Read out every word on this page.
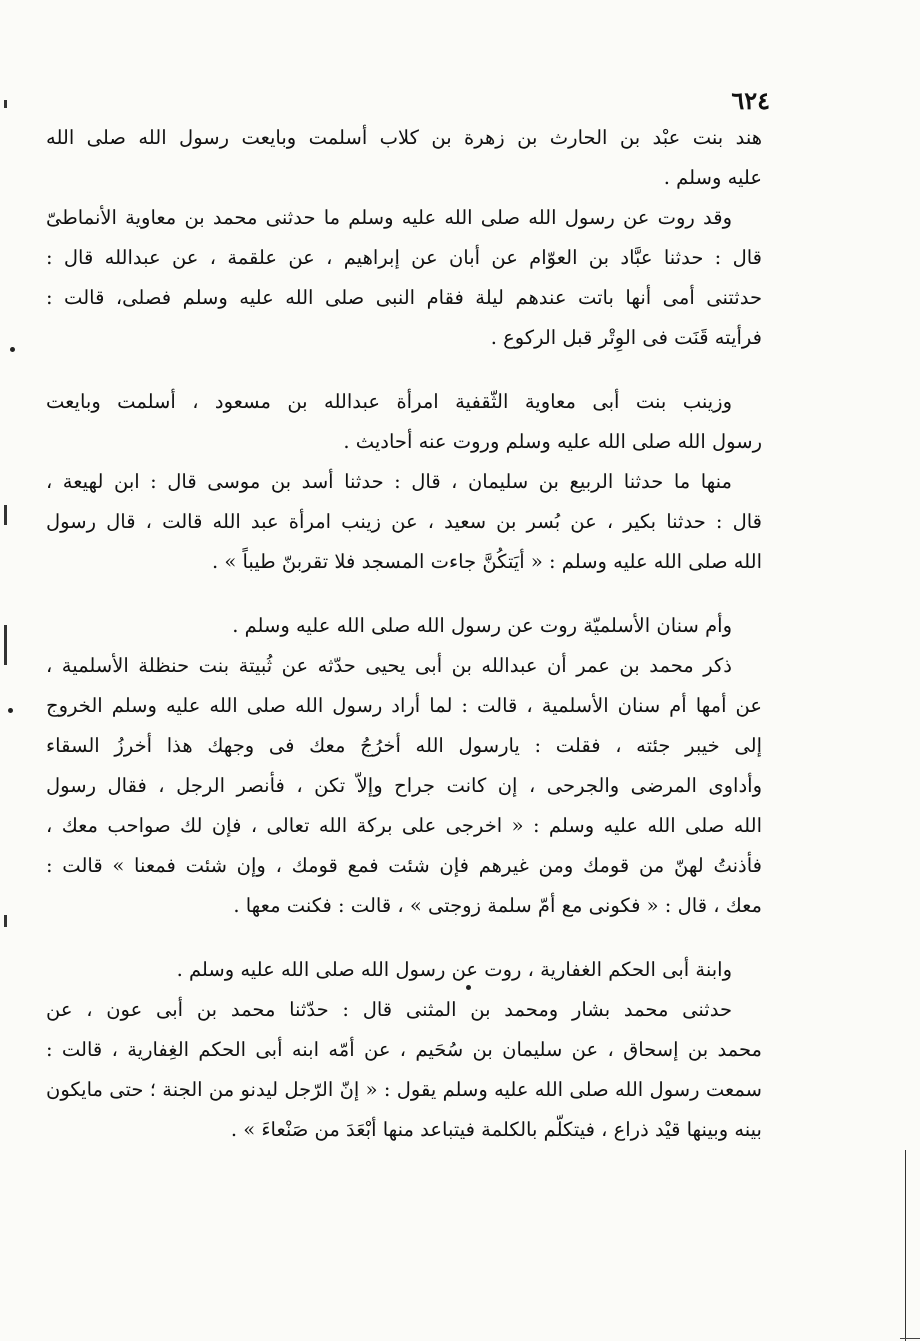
٦٢٤
هند بنت عبْد بن الحارث بن زهرة بن كلاب أسلمت وبايعت رسول الله صلى الله
عليه وسلم .
وقد روت عن رسول الله صلى الله عليه وسلم ما حدثنى محمد بن معاوية الأنماطىّ
قال : حدثنا عبَّاد بن العوّام عن أبان عن إبراهيم ، عن علقمة ، عن عبدالله قال :
حدثتنى أمى أنها باتت عندهم ليلة فقام النبى صلى الله عليه وسلم فصلى، قالت :
فرأيته قَنَت فى الوِتْر قبل الركوع .
وزينب بنت أبى معاوية الثّقفية امرأة عبدالله بن مسعود ، أسلمت وبايعت
رسول الله صلى الله عليه وسلم وروت عنه أحاديث .
منها ما حدثنا الربيع بن سليمان ، قال : حدثنا أسد بن موسى قال : ابن لهيعة ،
قال : حدثنا بكير ، عن بُسر بن سعيد ، عن زينب امرأة عبد الله قالت ، قال رسول
الله صلى الله عليه وسلم : « أيَتكُنَّ جاءت المسجد فلا تقربنّ طيباً » .
وأم سنان الأسلميّة روت عن رسول الله صلى الله عليه وسلم .
ذكر محمد بن عمر أن عبدالله بن أبى يحيى حدّثه عن ثُبيتة بنت حنظلة الأسلمية ،
عن أمها أم سنان الأسلمية ، قالت : لما أراد رسول الله صلى الله عليه وسلم الخروج
إلى خيبر جئته ، فقلت : يارسول الله أخرُجُ معك فى وجهك هذا أخرزُ السقاء
وأداوى المرضى والجرحى ، إن كانت جراح وإلاّ تكن ، فأنصر الرجل ، فقال رسول
الله صلى الله عليه وسلم : « اخرجى على بركة الله تعالى ، فإن لك صواحب معك ،
فأذنتُ لهنّ من قومك ومن غيرهم فإن شئت فمع قومك ، وإن شئت فمعنا » قالت :
معك ، قال : « فكونى مع أمّ سلمة زوجتى » ، قالت : فكنت معها .
وابنة أبى الحكم الغفارية ، روت عن رسول الله صلى الله عليه وسلم .
حدثنى محمد بشار ومحمد بن المثنى قال : حدّثنا محمد بن أبى عون ، عن
محمد بن إسحاق ، عن سليمان بن سُحَيم ، عن أمّه ابنه أبى الحكم الغِفارية ، قالت :
سمعت رسول الله صلى الله عليه وسلم يقول : « إنّ الرّجل ليدنو من الجنة ؛ حتى مايكون
بينه وبينها قيْد ذراع ، فيتكلّم بالكلمة فيتباعد منها أبْعَدَ من صَنْعاءَ » .
